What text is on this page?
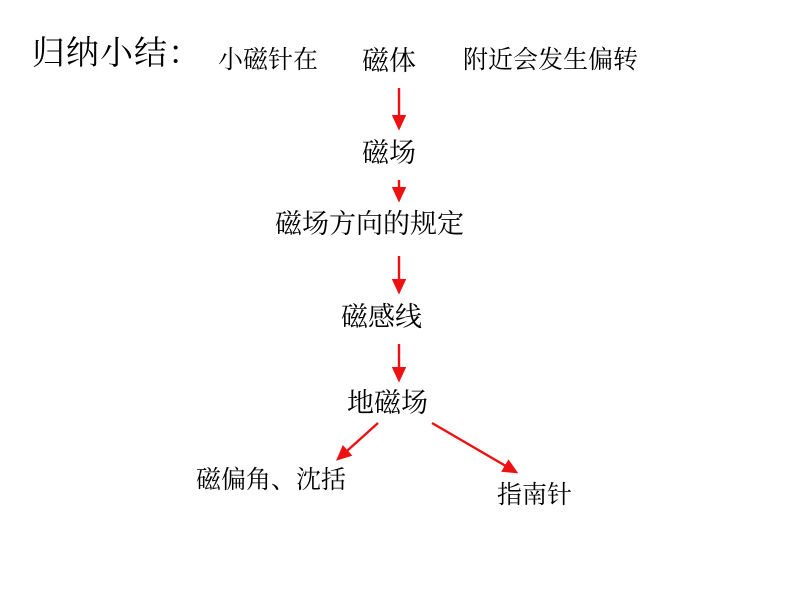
归纳小结： 小磁针在	附近会发生偏转
磁体
磁场
磁场方向的规定
磁感线
地磁场
磁偏角、沈括
指南针
